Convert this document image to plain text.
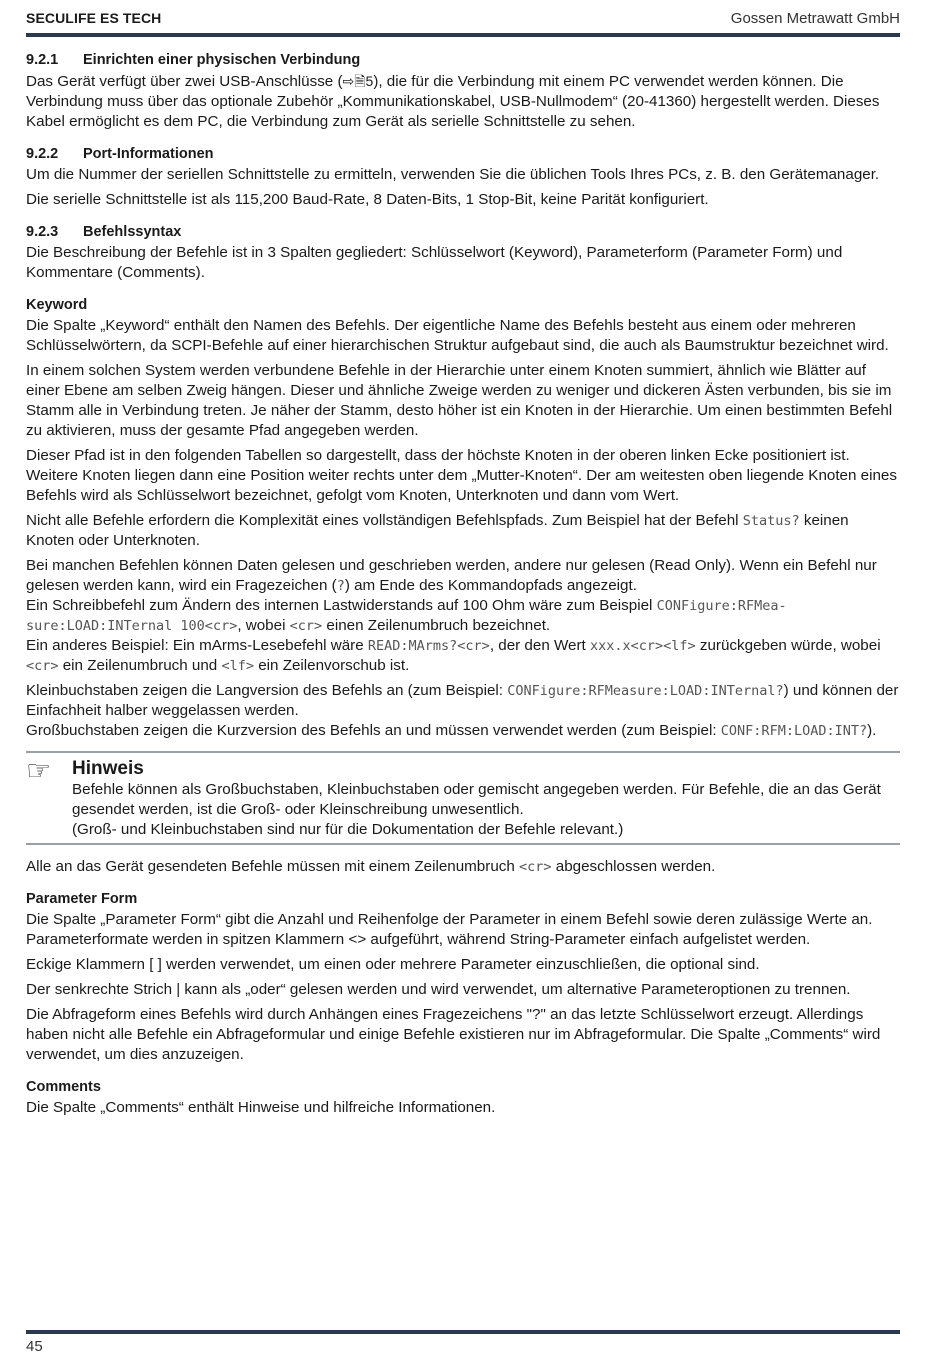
SECULIFE ES TECH	Gossen Metrawatt GmbH
9.2.1	Einrichten einer physischen Verbindung

Das Gerät verfügt über zwei USB-Anschlüsse (⇨🗎5), die für die Verbindung mit einem PC verwendet werden können. Die Verbindung muss über das optionale Zubehör „Kommunikationskabel, USB-Nullmodem“ (20-41360) hergestellt werden. Dieses Kabel ermöglicht es dem PC, die Verbindung zum Gerät als serielle Schnittstelle zu sehen.

9.2.2	Port-Informationen

Um die Nummer der seriellen Schnittstelle zu ermitteln, verwenden Sie die üblichen Tools Ihres PCs, z. B. den Gerätemanager.

Die serielle Schnittstelle ist als 115,200 Baud-Rate, 8 Daten-Bits, 1 Stop-Bit, keine Parität konfiguriert.

9.2.3	Befehlssyntax

Die Beschreibung der Befehle ist in 3 Spalten gegliedert: Schlüsselwort (Keyword), Parameterform (Parameter Form) und Kommentare (Comments).

Keyword

Die Spalte „Keyword“ enthält den Namen des Befehls. Der eigentliche Name des Befehls besteht aus einem oder mehreren Schlüsselwörtern, da SCPI-Befehle auf einer hierarchischen Struktur aufgebaut sind, die auch als Baumstruktur bezeichnet wird.

In einem solchen System werden verbundene Befehle in der Hierarchie unter einem Knoten summiert, ähnlich wie Blätter auf einer Ebene am selben Zweig hängen. Dieser und ähnliche Zweige werden zu weniger und dickeren Ästen verbunden, bis sie im Stamm alle in Verbindung treten. Je näher der Stamm, desto höher ist ein Knoten in der Hierarchie. Um einen bestimmten Befehl zu aktivieren, muss der gesamte Pfad angegeben werden.

Dieser Pfad ist in den folgenden Tabellen so dargestellt, dass der höchste Knoten in der oberen linken Ecke positioniert ist. Weitere Knoten liegen dann eine Position weiter rechts unter dem „Mutter-Knoten“. Der am weitesten oben liegende Knoten eines Befehls wird als Schlüsselwort bezeichnet, gefolgt vom Knoten, Unterknoten und dann vom Wert.

Nicht alle Befehle erfordern die Komplexität eines vollständigen Befehlspfads. Zum Beispiel hat der Befehl Status? keinen Knoten oder Unterknoten.

Bei manchen Befehlen können Daten gelesen und geschrieben werden, andere nur gelesen (Read Only). Wenn ein Befehl nur gelesen werden kann, wird ein Fragezeichen (?) am Ende des Kommandopfads angezeigt.
Ein Schreibbefehl zum Ändern des internen Lastwiderstands auf 100 Ohm wäre zum Beispiel CONFigure:RFMeasure:LOAD:INTernal 100<cr>, wobei <cr> einen Zeilenumbruch bezeichnet.
Ein anderes Beispiel: Ein mArms-Lesebefehl wäre READ:MArms?<cr>, der den Wert xxx.x<cr><lf> zurückgeben würde, wobei <cr> ein Zeilenumbruch und <lf> ein Zeilenvorschub ist.

Kleinbuchstaben zeigen die Langversion des Befehls an (zum Beispiel: CONFigure:RFMeasure:LOAD:INTernal?) und können der Einfachheit halber weggelassen werden.
Großbuchstaben zeigen die Kurzversion des Befehls an und müssen verwendet werden (zum Beispiel: CONF:RFM:LOAD:INT?).

☞	Hinweis

Befehle können als Großbuchstaben, Kleinbuchstaben oder gemischt angegeben werden. Für Befehle, die an das Gerät gesendet werden, ist die Groß- oder Kleinschreibung unwesentlich.

(Groß- und Kleinbuchstaben sind nur für die Dokumentation der Befehle relevant.)

Alle an das Gerät gesendeten Befehle müssen mit einem Zeilenumbruch <cr> abgeschlossen werden.

Parameter Form

Die Spalte „Parameter Form“ gibt die Anzahl und Reihenfolge der Parameter in einem Befehl sowie deren zulässige Werte an. Parameterformate werden in spitzen Klammern <> aufgeführt, während String-Parameter einfach aufgelistet werden.

Eckige Klammern [ ] werden verwendet, um einen oder mehrere Parameter einzuschließen, die optional sind.

Der senkrechte Strich | kann als „oder“ gelesen werden und wird verwendet, um alternative Parameteroptionen zu trennen.

Die Abfrageform eines Befehls wird durch Anhängen eines Fragezeichens "?" an das letzte Schlüsselwort erzeugt. Allerdings haben nicht alle Befehle ein Abfrageformular und einige Befehle existieren nur im Abfrageformular. Die Spalte „Comments“ wird verwendet, um dies anzuzeigen.

Comments

Die Spalte „Comments“ enthält Hinweise und hilfreiche Informationen.

45
